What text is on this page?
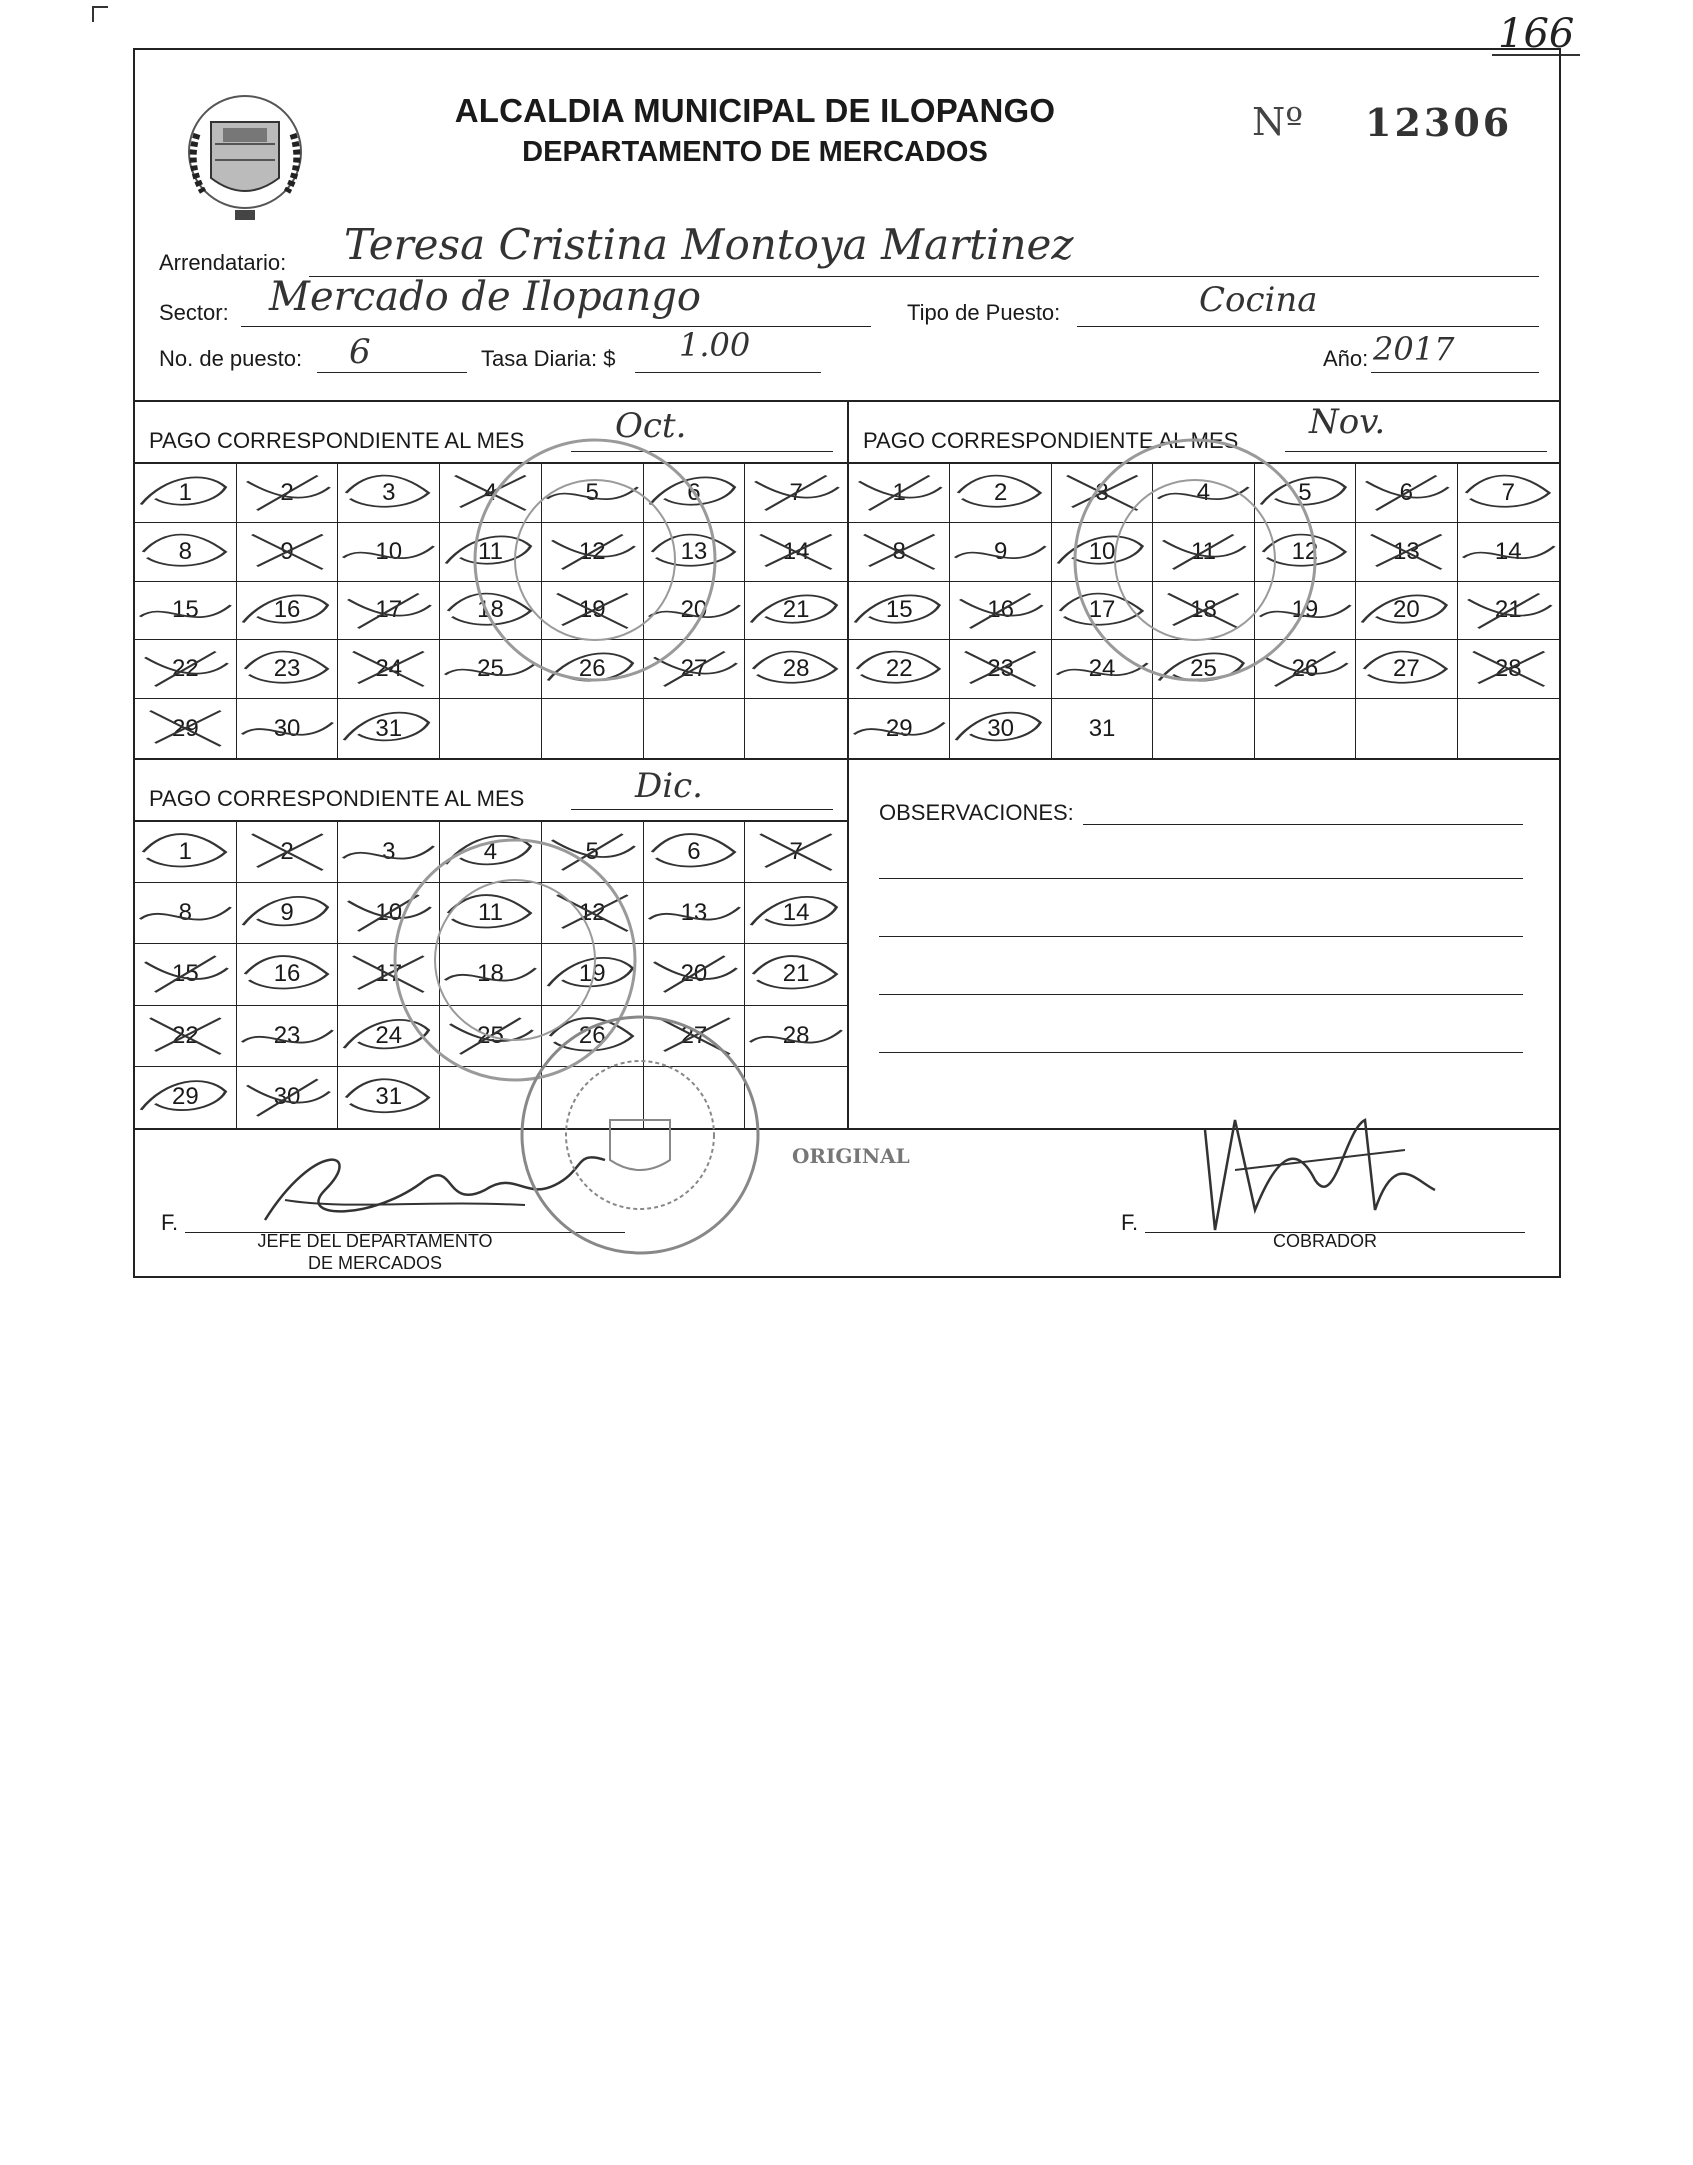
166
ALCALDIA MUNICIPAL DE ILOPANGO
DEPARTAMENTO DE MERCADOS
Nº 12306
Arrendatario: Teresa Cristina Montoya Martinez
Sector: Mercado de Ilopango	Tipo de Puesto:	Cocina
No. de puesto: 6	Tasa Diaria: $ 1.00	Año: 2017
PAGO CORRESPONDIENTE AL MES	Oct.
1	2	3	4	5	6	7
8	9	10	11	12	13	14
15	16	17	18	19	20	21
22	23	24	25	26	27	28
29	30	31
PAGO CORRESPONDIENTE AL MES Nov.
1	2	3	4	5	6	7
8	9	10	11	12	13	14
15	16	17	18	19	20	21
22	23	24	25	26	27	28
29	30	31
PAGO CORRESPONDIENTE AL MES	Dic.
1	2	3	4	5	6	7
8	9	10	11	12	13	14
15	16	17	18	19	20	21
22	23	24	25	26	27	28
29	30	31
OBSERVACIONES:
F.
JEFE DEL DEPARTAMENTO
DE MERCADOS
ORIGINAL
F.
COBRADOR
